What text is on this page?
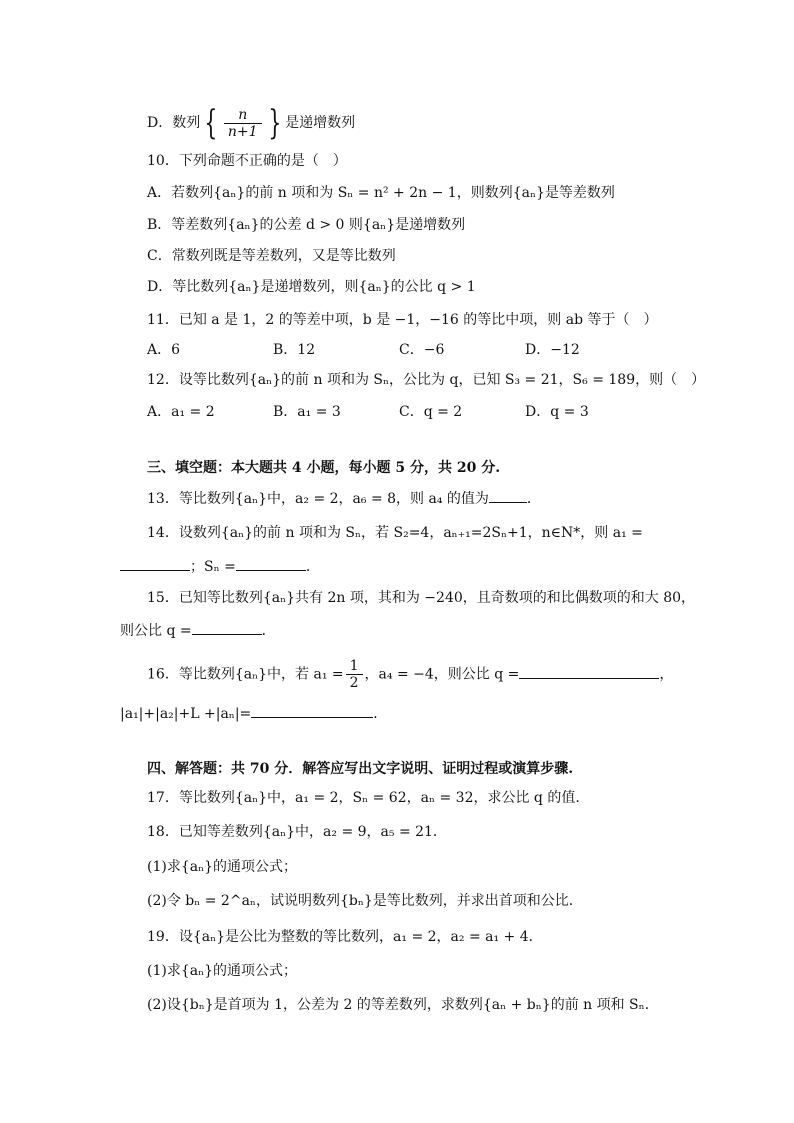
D．数列 { $\frac{n}{n+1}$ } 是递增数列
10．下列命题不正确的是（　）
A．若数列{aₙ}的前 n 项和为 Sₙ = n² + 2n − 1，则数列{aₙ}是等差数列
B．等差数列{aₙ}的公差 d > 0 则{aₙ}是递增数列
C．常数列既是等差数列，又是等比数列
D．等比数列{aₙ}是递增数列，则{aₙ}的公比 q > 1
11．已知 a 是 1，2 的等差中项，b 是 −1，−16 的等比中项，则 ab 等于（　）
A．6	B．12	C．−6	D．−12
12．设等比数列{aₙ}的前 n 项和为 Sₙ，公比为 q，已知 S₃ = 21，S₆ = 189，则（　）
A．a₁ = 2	B．a₁ = 3	C．q = 2	D．q = 3
三、填空题：本大题共 4 小题，每小题 5 分，共 20 分.
13．等比数列{aₙ}中，a₂ = 2，a₆ = 8，则 a₄ 的值为	．
14．设数列{aₙ}的前 n 项和为 Sₙ，若 S₂=4，aₙ₊₁=2Sₙ+1，n∈N*，则 a₁ =
；Sₙ =	．
15．已知等比数列{aₙ}共有 2n 项，其和为 −240，且奇数项的和比偶数项的和大 80，
则公比 q =	．
16．等比数列{aₙ}中，若 $a_1 = \frac{1}{2}$ ，a₄ = −4，则公比 q =	，
|a₁|+|a₂|+L +|aₙ|=	．
四、解答题：共 70 分．解答应写出文字说明、证明过程或演算步骤.
17．等比数列{aₙ}中，a₁ = 2，Sₙ = 62，aₙ = 32，求公比 q 的值.
18．已知等差数列{aₙ}中，a₂ = 9，a₅ = 21．
(1)求{aₙ}的通项公式；
(2)令 bₙ = 2^aₙ，试说明数列{bₙ}是等比数列，并求出首项和公比．
19．设{aₙ}是公比为整数的等比数列，a₁ = 2，a₂ = a₁ + 4．
(1)求{aₙ}的通项公式；
(2)设{bₙ}是首项为 1，公差为 2 的等差数列，求数列{aₙ + bₙ}的前 n 项和 Sₙ．
